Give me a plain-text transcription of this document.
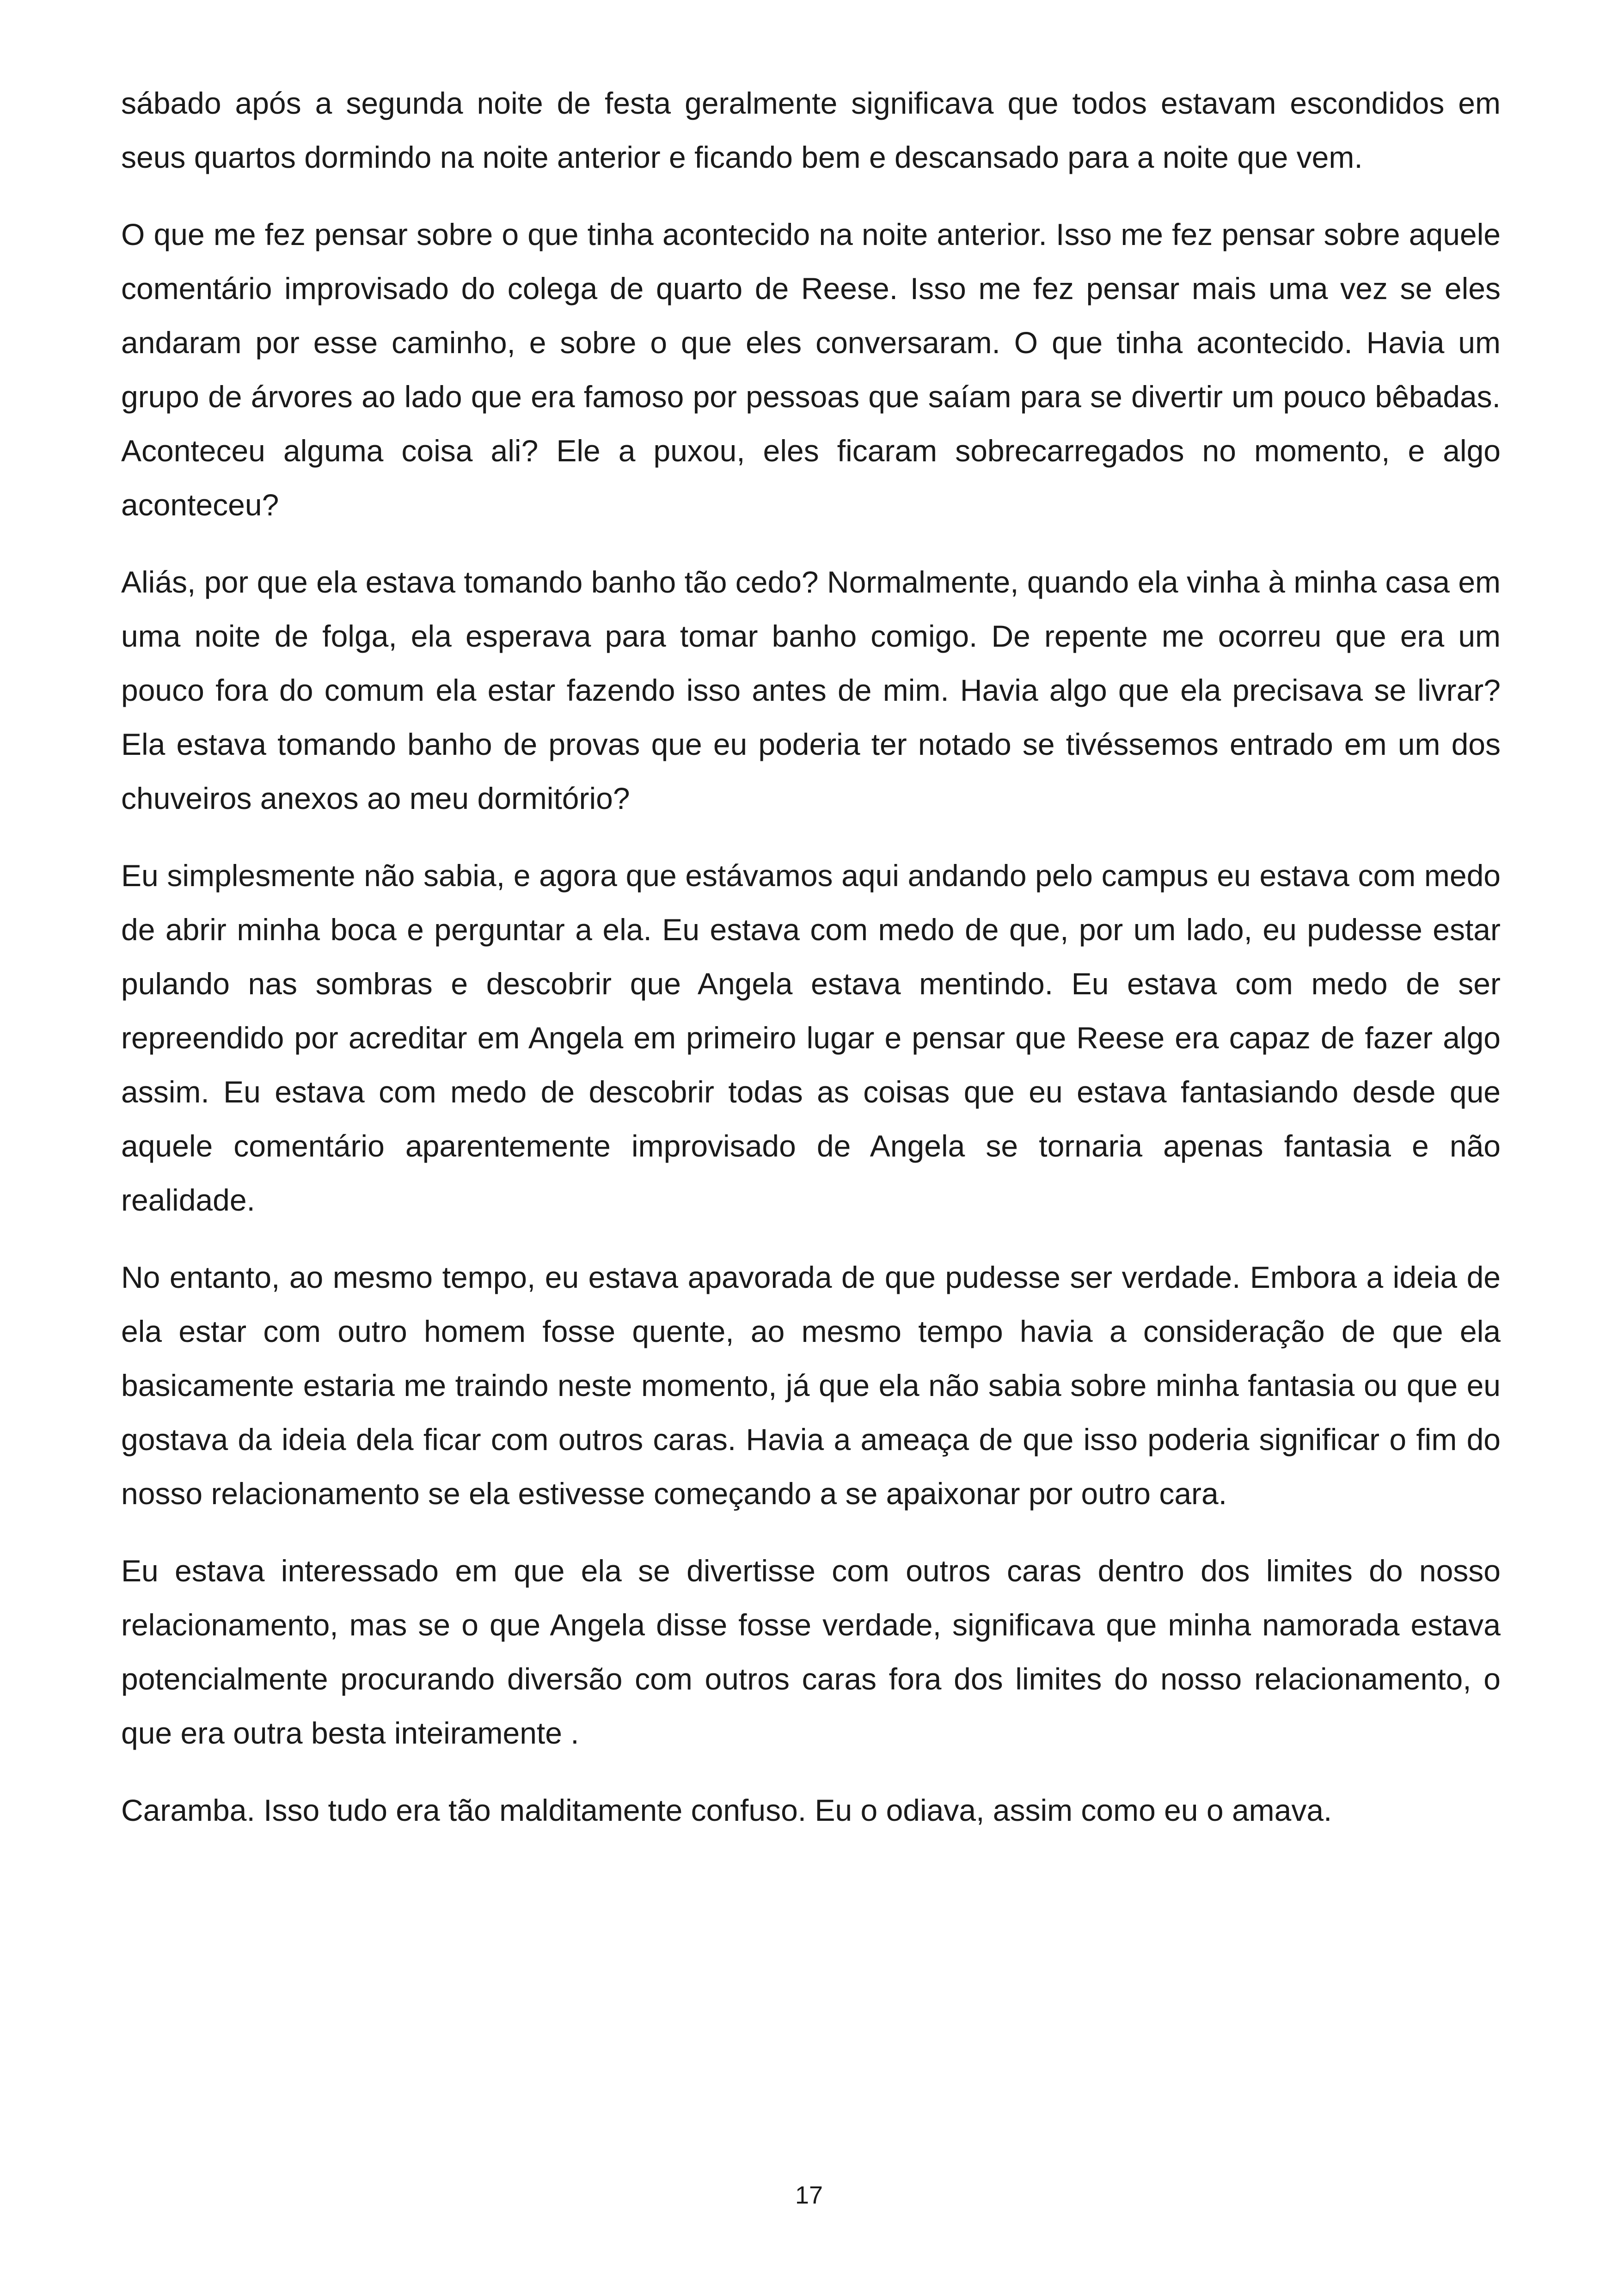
sábado após a segunda noite de festa geralmente significava que todos estavam escondidos em seus quartos dormindo na noite anterior e ficando bem e descansado para a noite que vem.

O que me fez pensar sobre o que tinha acontecido na noite anterior. Isso me fez pensar sobre aquele comentário improvisado do colega de quarto de Reese. Isso me fez pensar mais uma vez se eles andaram por esse caminho, e sobre o que eles conversaram. O que tinha acontecido. Havia um grupo de árvores ao lado que era famoso por pessoas que saíam para se divertir um pouco bêbadas. Aconteceu alguma coisa ali? Ele a puxou, eles ficaram sobrecarregados no momento, e algo aconteceu?

Aliás, por que ela estava tomando banho tão cedo? Normalmente, quando ela vinha à minha casa em uma noite de folga, ela esperava para tomar banho comigo. De repente me ocorreu que era um pouco fora do comum ela estar fazendo isso antes de mim. Havia algo que ela precisava se livrar? Ela estava tomando banho de provas que eu poderia ter notado se tivéssemos entrado em um dos chuveiros anexos ao meu dormitório?

Eu simplesmente não sabia, e agora que estávamos aqui andando pelo campus eu estava com medo de abrir minha boca e perguntar a ela. Eu estava com medo de que, por um lado, eu pudesse estar pulando nas sombras e descobrir que Angela estava mentindo. Eu estava com medo de ser repreendido por acreditar em Angela em primeiro lugar e pensar que Reese era capaz de fazer algo assim. Eu estava com medo de descobrir todas as coisas que eu estava fantasiando desde que aquele comentário aparentemente improvisado de Angela se tornaria apenas fantasia e não realidade.

No entanto, ao mesmo tempo, eu estava apavorada de que pudesse ser verdade. Embora a ideia de ela estar com outro homem fosse quente, ao mesmo tempo havia a consideração de que ela basicamente estaria me traindo neste momento, já que ela não sabia sobre minha fantasia ou que eu gostava da ideia dela ficar com outros caras. Havia a ameaça de que isso poderia significar o fim do nosso relacionamento se ela estivesse começando a se apaixonar por outro cara.

Eu estava interessado em que ela se divertisse com outros caras dentro dos limites do nosso relacionamento, mas se o que Angela disse fosse verdade, significava que minha namorada estava potencialmente procurando diversão com outros caras fora dos limites do nosso relacionamento, o que era outra besta inteiramente .

Caramba. Isso tudo era tão malditamente confuso. Eu o odiava, assim como eu o amava.

17
